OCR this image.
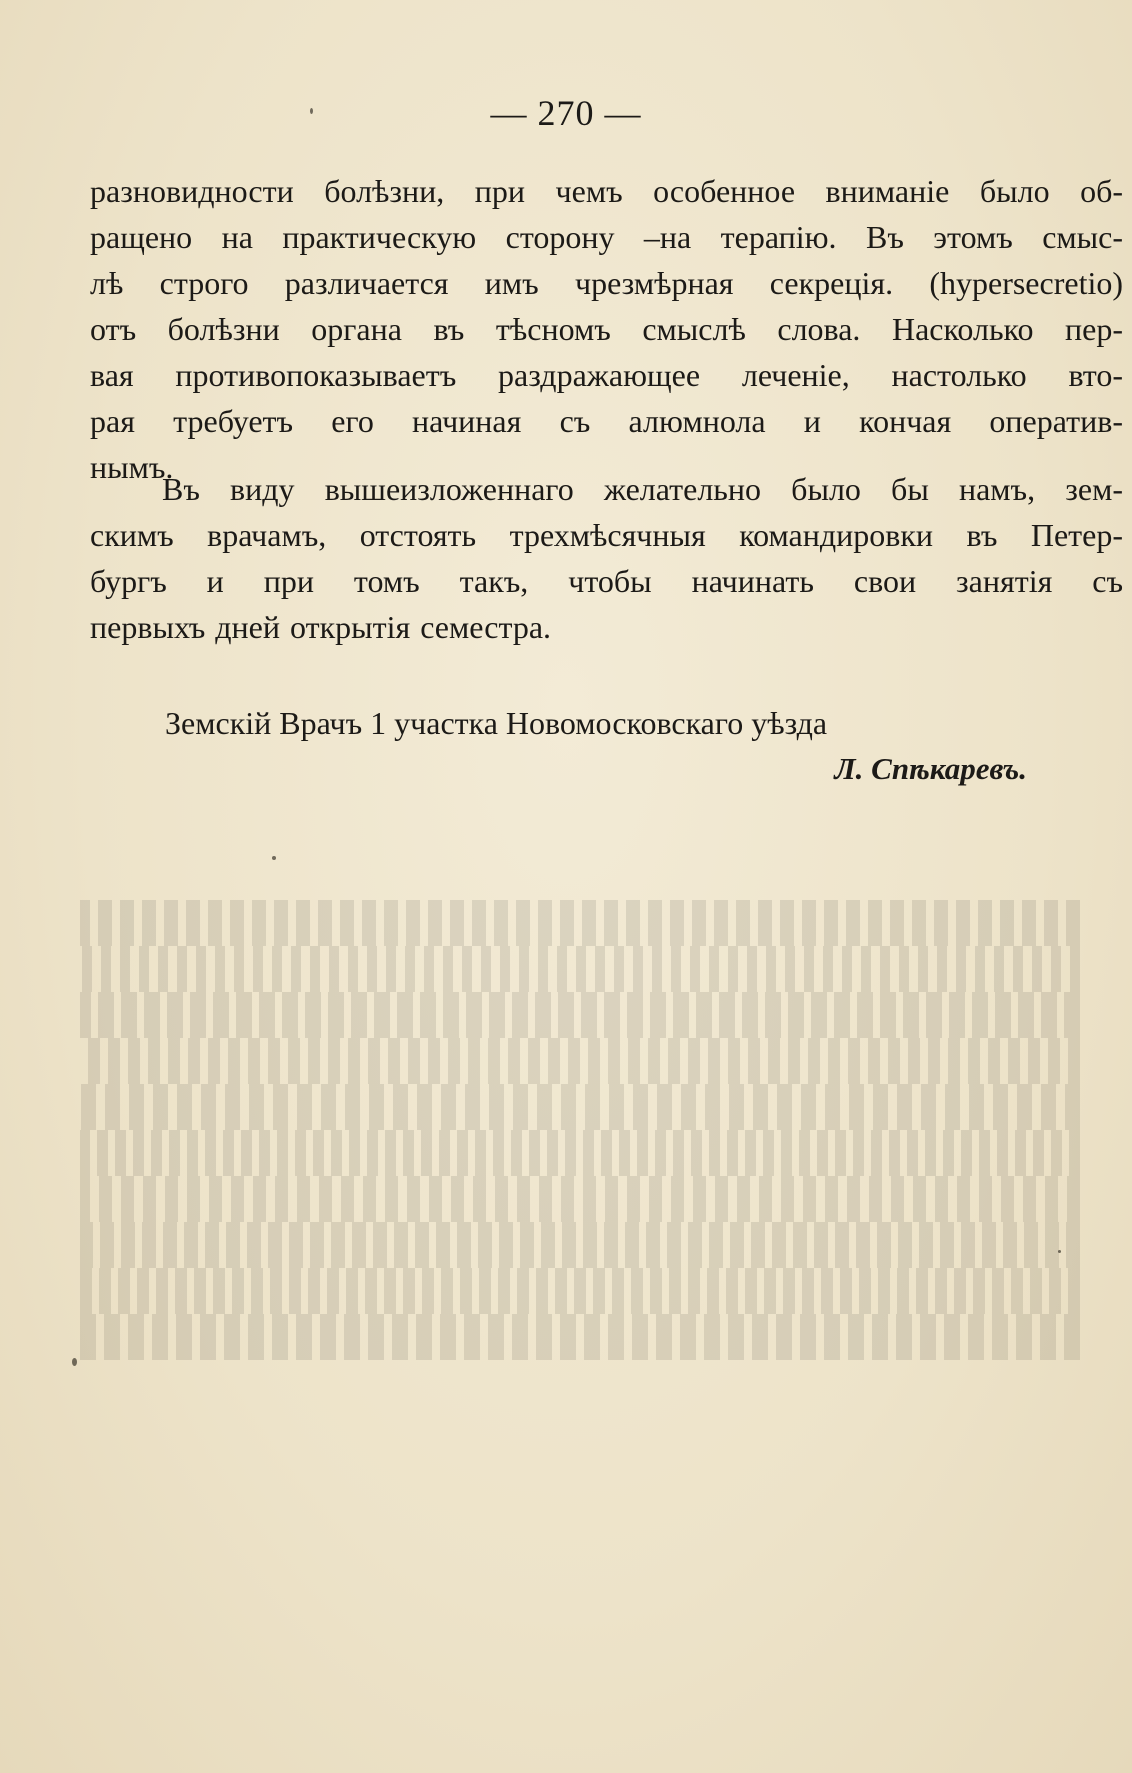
— 270 —
разновидности болѣзни, при чемъ особенное вниманіе было об-
ращено на практическую сторону –на терапію. Въ этомъ смыс-
лѣ строго различается имъ чрезмѣрная секреція. (hypersecretio)
отъ болѣзни органа въ тѣсномъ смыслѣ слова. Насколько пер-
вая противопоказываетъ раздражающее леченіе, настолько вто-
рая требуетъ его начиная съ алюмнола и кончая оператив-
нымъ.
Въ виду вышеизложеннаго желательно было бы намъ, зем-
скимъ врачамъ, отстоять трехмѣсячныя командировки въ Петер-
бургъ и при томъ такъ, чтобы начинать свои занятія съ
первыхъ дней открытія семестра.
Земскій Врачъ 1 участка Новомосковскаго уѣзда
Л. Спѣкаревъ.
